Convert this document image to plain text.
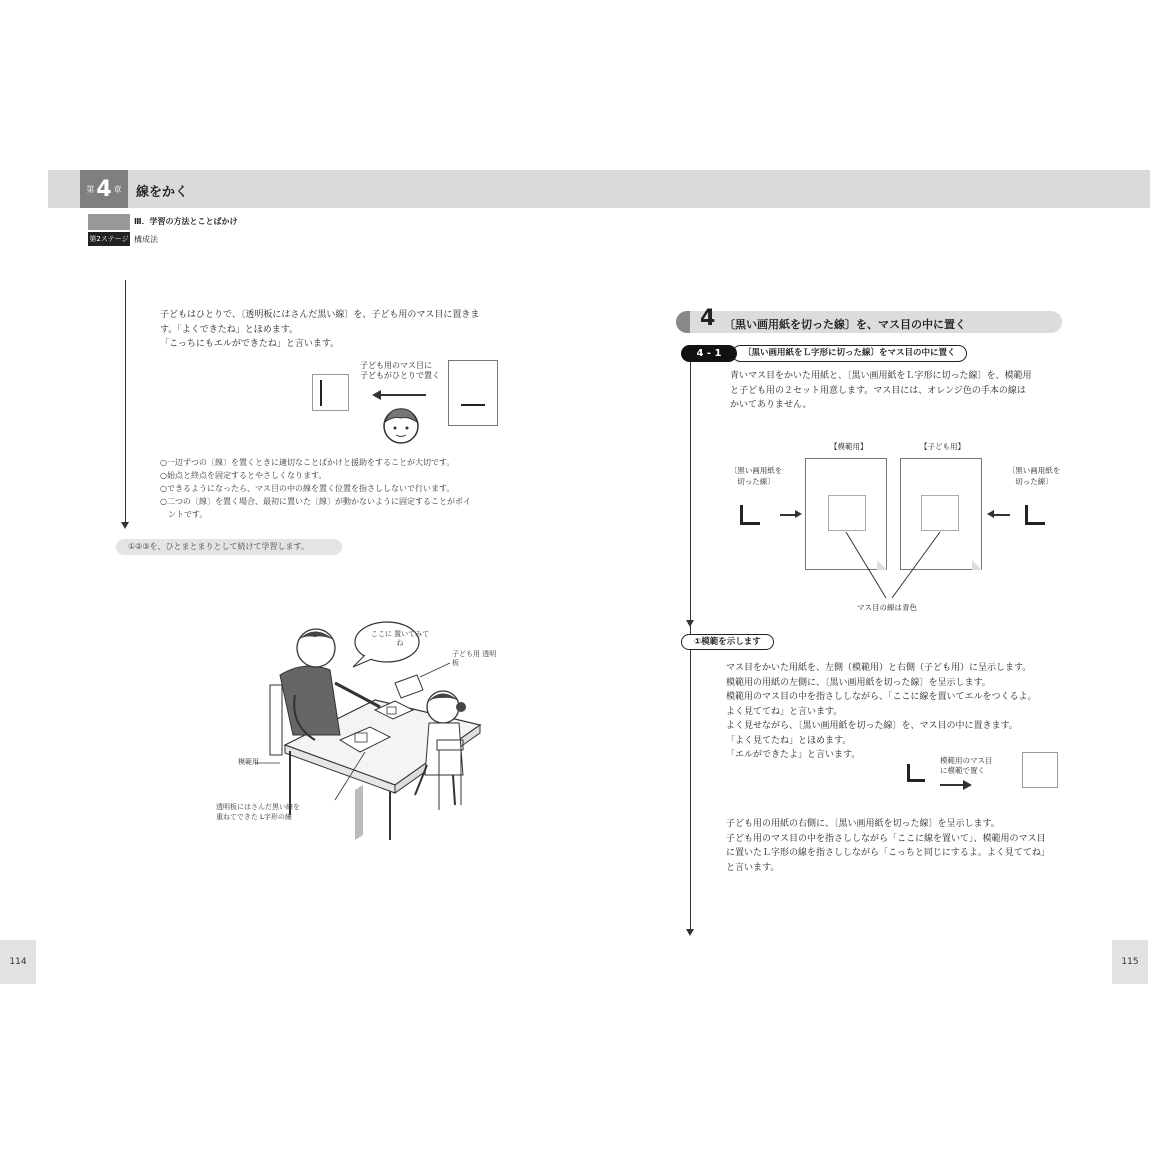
第 4 章 線をかく
第2ステージ
Ⅲ．学習の方法とことばかけ
構成法
子どもはひとりで、〔透明板にはさんだ黒い線〕を、子ども用のマス目に置きま
す。「よくできたね」とほめます。
「こっちにもエルができたね」と言います。
子ども用のマス目に
子どもがひとりで置く
○一辺ずつの〔線〕を置くときに適切なことばかけと援助をすることが大切です。
○始点と終点を固定するとやさしくなります。
○できるようになったら、マス目の中の線を置く位置を指さししないで行います。
○二つの〔線〕を置く場合、最初に置いた〔線〕が動かないように固定することがポイ
　ントです。
①②③を、ひとまとまりとして続けて学習します。
ここに 置いてみてね
子ども用 透明板
模範用
透明板にはさんだ黒い線を
重ねてできた L字形の線
4 〔黒い画用紙を切った線〕を、マス目の中に置く
〔黒い画用紙をＬ字形に切った線〕をマス目の中に置く
4 - 1
青いマス目をかいた用紙と、〔黒い画用紙をＬ字形に切った線〕を、模範用
と子ども用の２セット用意します。マス目には、オレンジ色の手本の線は
かいてありません。
【模範用】	【子ども用】
〔黒い画用紙を
切った線〕
〔黒い画用紙を
切った線〕
マス目の線は青色
①模範を示します
マス目をかいた用紙を、左側（模範用）と右側（子ども用）に呈示します。
模範用の用紙の左側に、〔黒い画用紙を切った線〕を呈示します。
模範用のマス目の中を指さししながら、「ここに線を置いてエルをつくるよ。
よく見ててね」と言います。
よく見せながら、〔黒い画用紙を切った線〕を、マス目の中に置きます。
「よく見てたね」とほめます。
「エルができたよ」と言います。
模範用のマス目
に模範で置く
子ども用の用紙の右側に、〔黒い画用紙を切った線〕を呈示します。
子ども用のマス目の中を指さししながら「ここに線を置いて」、模範用のマス目
に置いたＬ字形の線を指さししながら「こっちと同じにするよ。よく見ててね」
と言います。
114	115
